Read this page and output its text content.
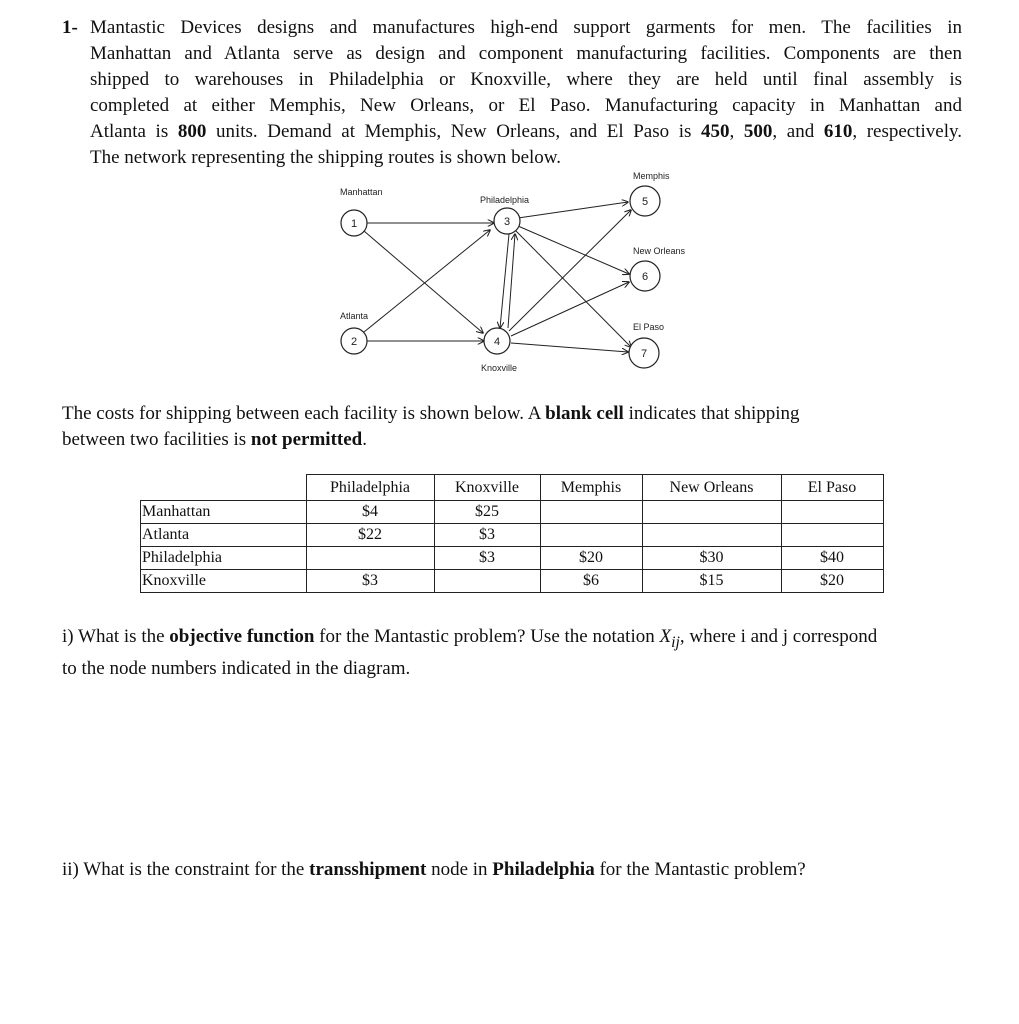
1- Mantastic Devices designs and manufactures high-end support garments for men. The facilities in
Manhattan and Atlanta serve as design and component manufacturing facilities. Components are then
shipped to warehouses in Philadelphia or Knoxville, where they are held until final assembly is
completed at either Memphis, New Orleans, or El Paso. Manufacturing capacity in Manhattan and
Atlanta is 800 units. Demand at Memphis, New Orleans, and El Paso is 450, 500, and 610, respectively.
The network representing the shipping routes is shown below.
1
2
3
4
5
6
7
Manhattan
Atlanta
Philadelphia
Knoxville
Memphis
New Orleans
El Paso
The costs for shipping between each facility is shown below. A blank cell indicates that shipping
between two facilities is not permitted.
	Philadelphia	Knoxville	Memphis	New Orleans	El Paso
Manhattan	$4	$25			
Atlanta	$22	$3			
Philadelphia		$3	$20	$30	$40
Knoxville	$3		$6	$15	$20
i) What is the objective function for the Mantastic problem? Use the notation $X_{ij}$, where i and j correspond
to the node numbers indicated in the diagram.
ii) What is the constraint for the transshipment node in Philadelphia for the Mantastic problem?
